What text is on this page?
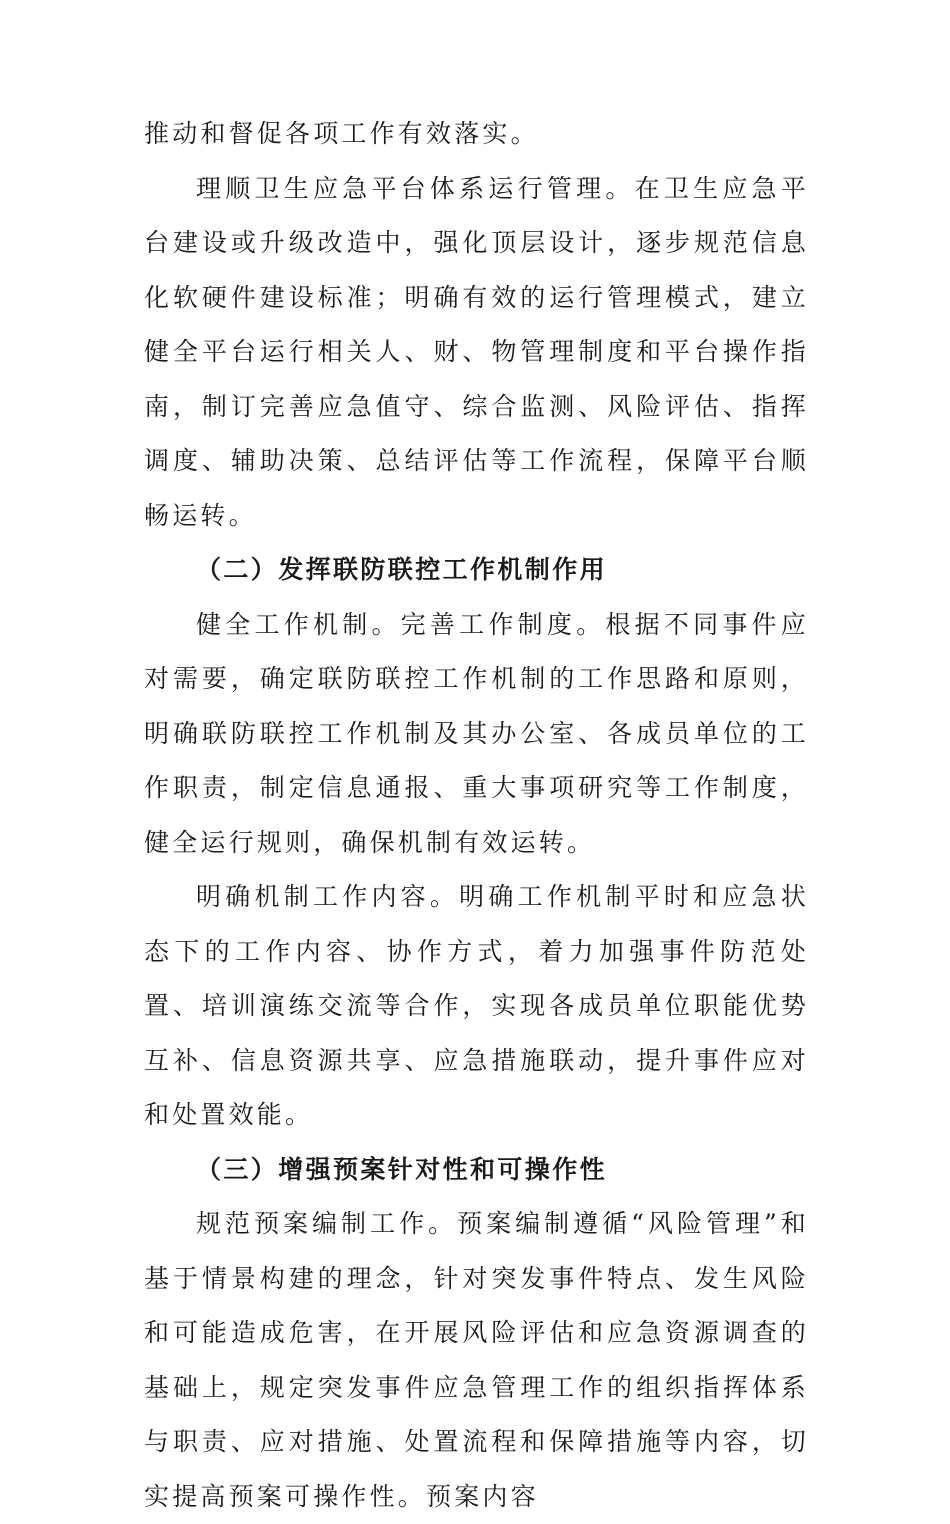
推动和督促各项工作有效落实。

理顺卫生应急平台体系运行管理。在卫生应急平台建设或升级改造中，强化顶层设计，逐步规范信息化软硬件建设标准；明确有效的运行管理模式，建立健全平台运行相关人、财、物管理制度和平台操作指南，制订完善应急值守、综合监测、风险评估、指挥调度、辅助决策、总结评估等工作流程，保障平台顺畅运转。

（二）发挥联防联控工作机制作用

健全工作机制。完善工作制度。根据不同事件应对需要，确定联防联控工作机制的工作思路和原则，明确联防联控工作机制及其办公室、各成员单位的工作职责，制定信息通报、重大事项研究等工作制度，健全运行规则，确保机制有效运转。

明确机制工作内容。明确工作机制平时和应急状态下的工作内容、协作方式，着力加强事件防范处置、培训演练交流等合作，实现各成员单位职能优势互补、信息资源共享、应急措施联动，提升事件应对和处置效能。

（三）增强预案针对性和可操作性

规范预案编制工作。预案编制遵循“风险管理”和基于情景构建的理念，针对突发事件特点、发生风险和可能造成危害，在开展风险评估和应急资源调查的基础上，规定突发事件应急管理工作的组织指挥体系与职责、应对措施、处置流程和保障措施等内容，切实提高预案可操作性。预案内容
